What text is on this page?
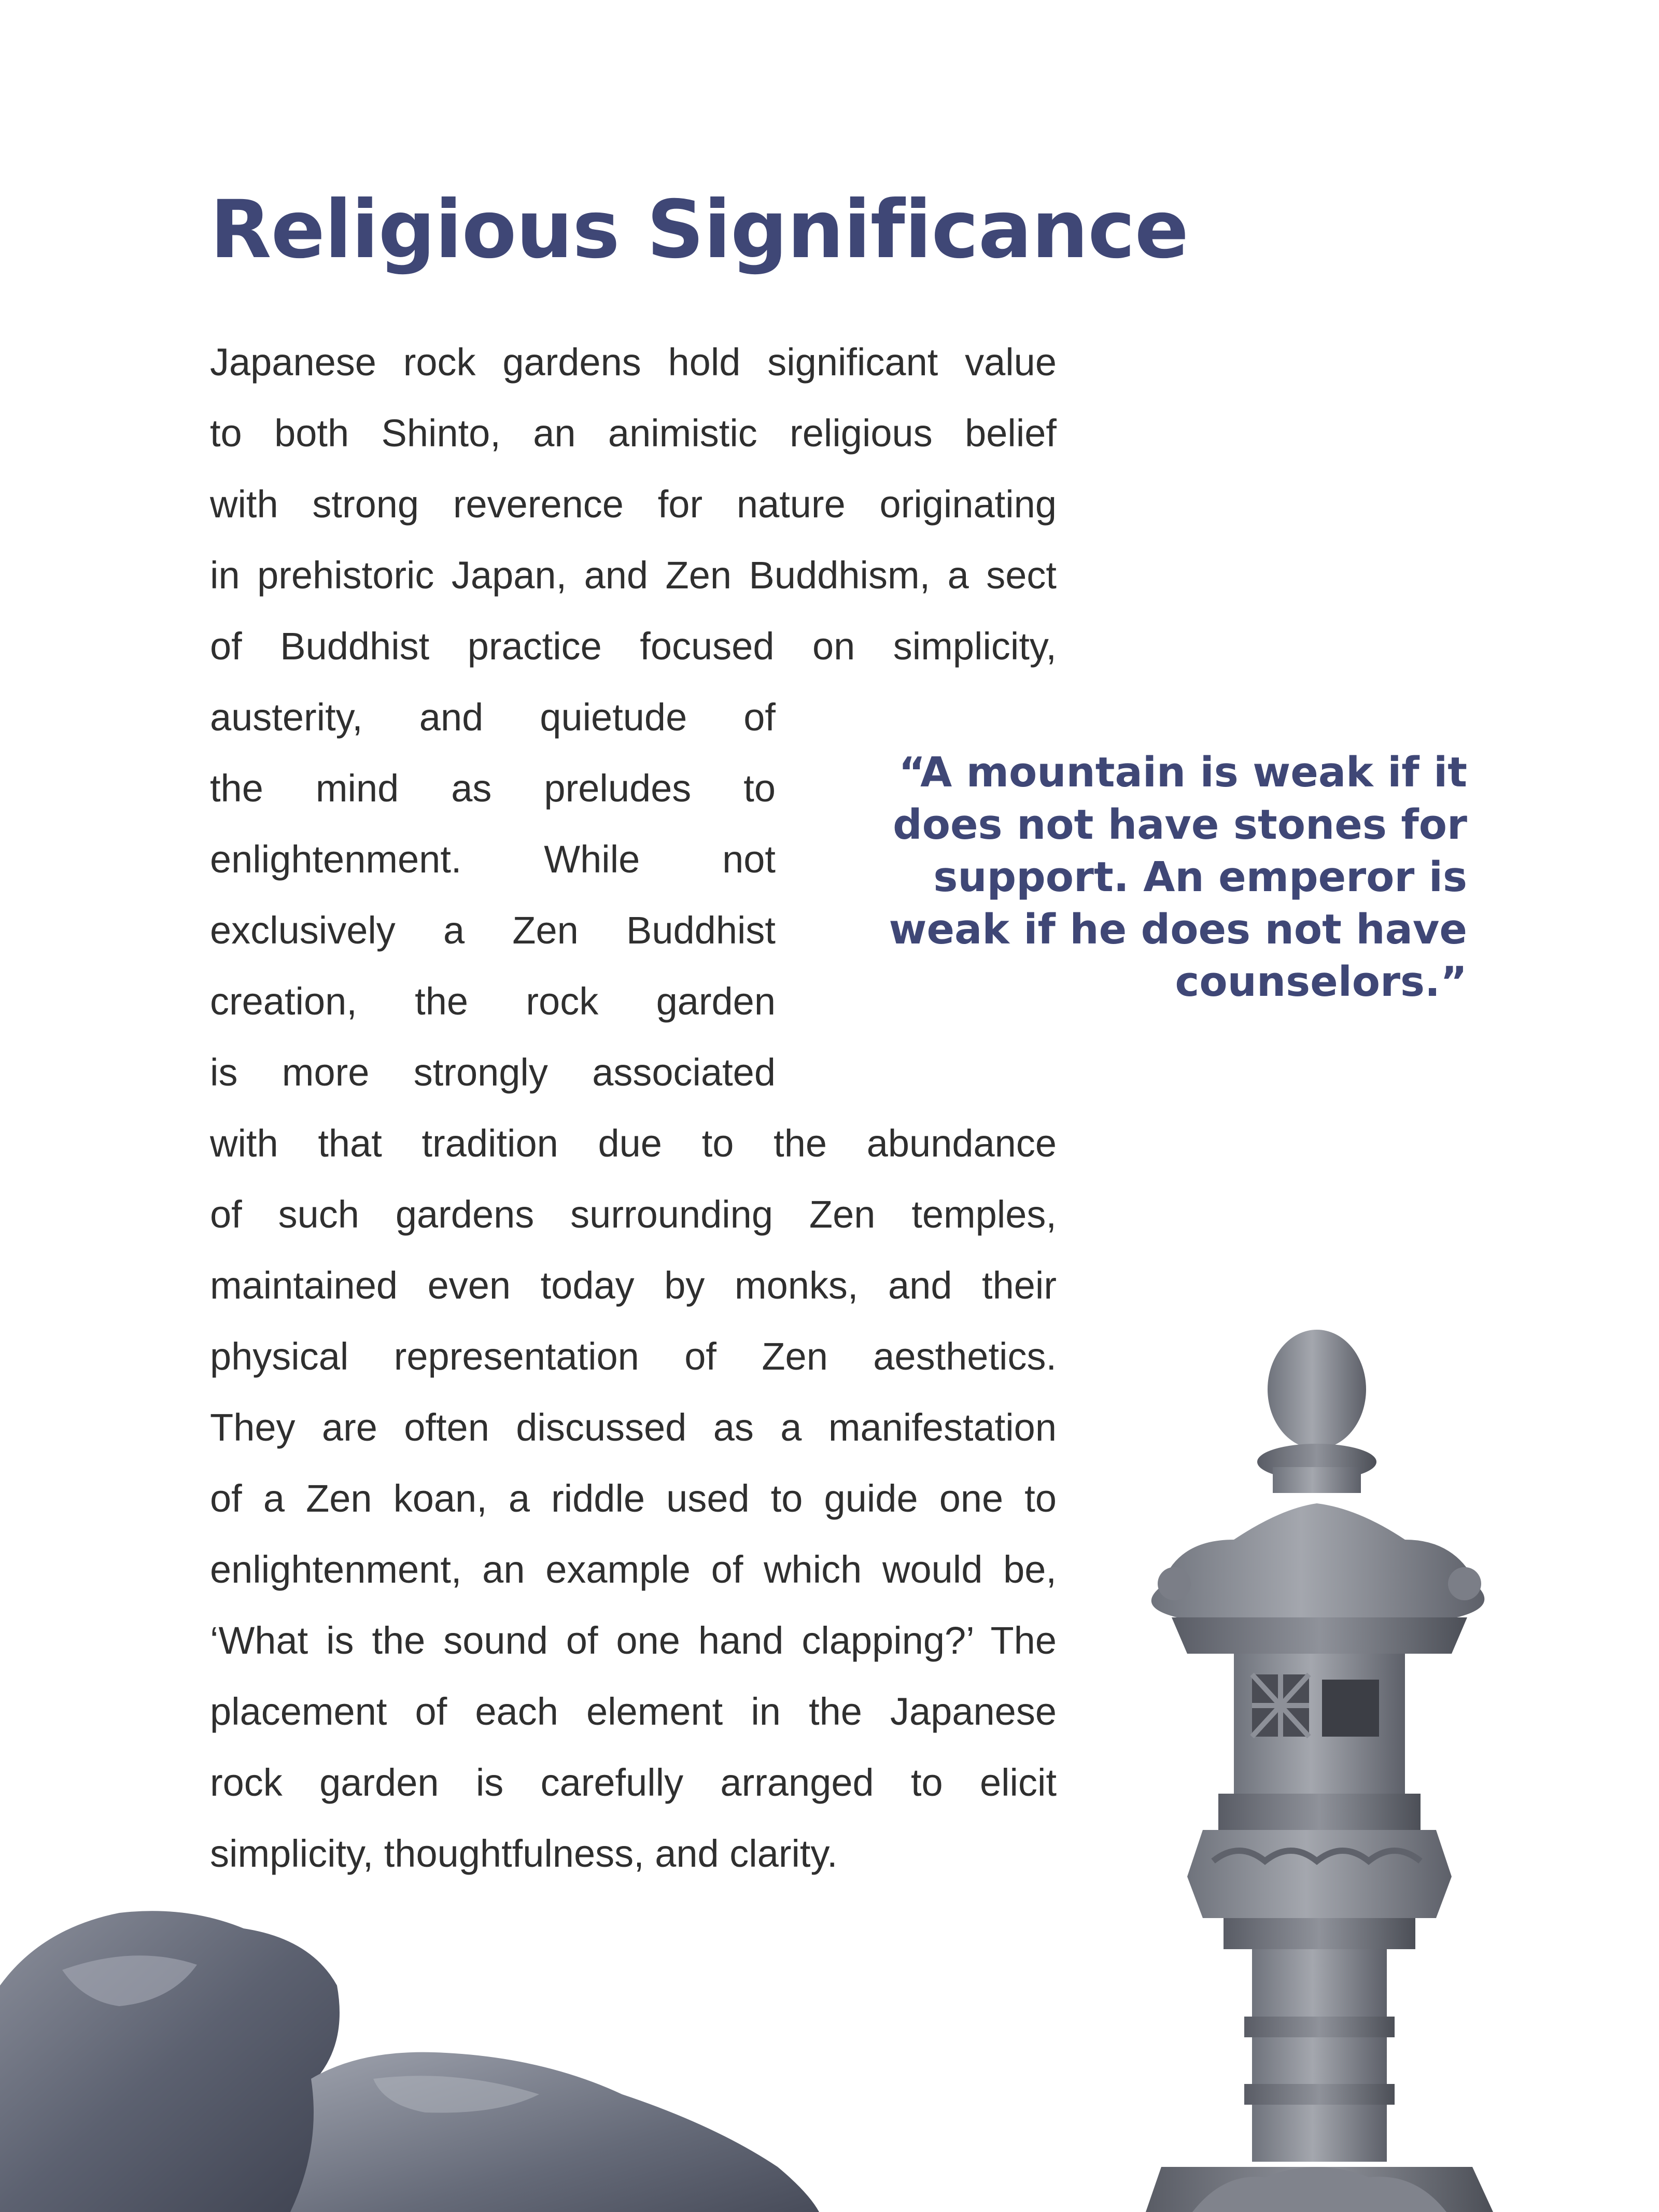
Religious Significance
Japanese rock gardens hold significant value
to both Shinto, an animistic religious belief
with strong reverence for nature originating
in prehistoric Japan, and Zen Buddhism, a sect
of Buddhist practice focused on simplicity,
austerity, and quietude of
the mind as preludes to
enlightenment. While not
exclusively a Zen Buddhist
creation, the rock garden
is more strongly associated
with that tradition due to the abundance
of such gardens surrounding Zen temples,
maintained even today by monks, and their
physical representation of Zen aesthetics.
They are often discussed as a manifestation
of a Zen koan, a riddle used to guide one to
enlightenment, an example of which would be,
‘What is the sound of one hand clapping?’ The
placement of each element in the Japanese
rock garden is carefully arranged to elicit
simplicity, thoughtfulness, and clarity.
“A mountain is weak if it
does not have stones for
support. An emperor is
weak if he does not have
counselors.”
